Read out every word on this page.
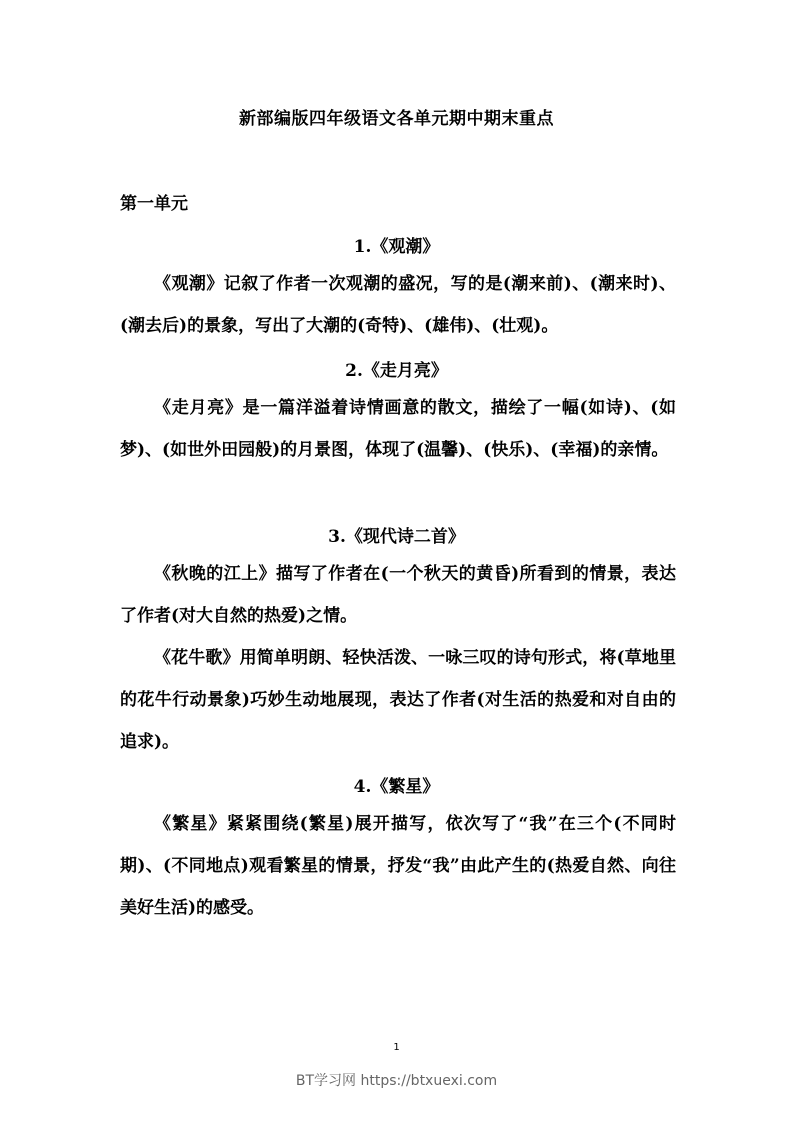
新部编版四年级语文各单元期中期末重点
第一单元
1.《观潮》
《观潮》记叙了作者一次观潮的盛况，写的是(潮来前)、(潮来时)、(潮去后)的景象，写出了大潮的(奇特)、(雄伟)、(壮观)。
2.《走月亮》
《走月亮》是一篇洋溢着诗情画意的散文，描绘了一幅(如诗)、(如梦)、(如世外田园般)的月景图，体现了(温馨)、(快乐)、(幸福)的亲情。
3.《现代诗二首》
《秋晚的江上》描写了作者在(一个秋天的黄昏)所看到的情景，表达了作者(对大自然的热爱)之情。
《花牛歌》用简单明朗、轻快活泼、一咏三叹的诗句形式，将(草地里的花牛行动景象)巧妙生动地展现，表达了作者(对生活的热爱和对自由的追求)。
4.《繁星》
《繁星》紧紧围绕(繁星)展开描写，依次写了“我”在三个(不同时期)、(不同地点)观看繁星的情景，抒发“我”由此产生的(热爱自然、向往美好生活)的感受。
1
BT学习网 https://btxuexi.com
